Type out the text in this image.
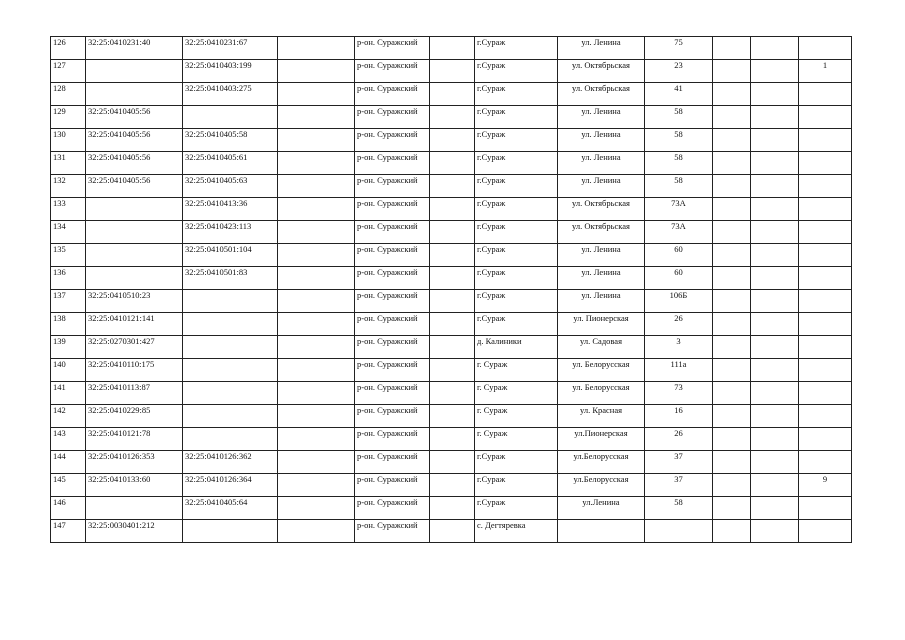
126	32:25:0410231:40	32:25:0410231:67		р-он. Суражский		г.Сураж	ул. Ленина	75			
127		32:25:0410403:199		р-он. Суражский		г.Сураж	ул. Октябрьская	23			1
128		32:25:0410403:275		р-он. Суражский		г.Сураж	ул. Октябрьская	41			
129	32:25:0410405:56			р-он. Суражский		г.Сураж	ул. Ленина	58			
130	32:25:0410405:56	32:25:0410405:58		р-он. Суражский		г.Сураж	ул. Ленина	58			
131	32:25:0410405:56	32:25:0410405:61		р-он. Суражский		г.Сураж	ул. Ленина	58			
132	32:25:0410405:56	32:25:0410405:63		р-он. Суражский		г.Сураж	ул. Ленина	58			
133		32:25:0410413:36		р-он. Суражский		г.Сураж	ул. Октябрьская	73А			
134		32:25:0410423:113		р-он. Суражский		г.Сураж	ул. Октябрьская	73А			
135		32:25:0410501:104		р-он. Суражский		г.Сураж	ул. Ленина	60			
136		32:25:0410501:83		р-он. Суражский		г.Сураж	ул. Ленина	60			
137	32:25:0410510:23			р-он. Суражский		г.Сураж	ул. Ленина	106Б			
138	32:25:0410121:141			р-он. Суражский		г.Сураж	ул. Пионерская	26			
139	32:25:0270301:427			р-он. Суражский		д. Калиники	ул. Садовая	3			
140	32:25:0410110:175			р-он. Суражский		г. Сураж	ул. Белорусская	111а			
141	32:25:0410113:87			р-он. Суражский		г. Сураж	ул. Белорусская	73			
142	32:25:0410229:85			р-он. Суражский		г. Сураж	ул. Красная	16			
143	32:25:0410121:78			р-он. Суражский		г. Сураж	ул.Пионерская	26			
144	32:25:0410126:353	32:25:0410126:362		р-он. Суражский		г.Сураж	ул.Белорусская	37			
145	32:25:0410133:60	32:25:0410126:364		р-он. Суражский		г.Сураж	ул.Белорусская	37			9
146		32:25:0410405:64		р-он. Суражский		г.Сураж	ул.Ленина	58			
147	32:25:0030401:212			р-он. Суражский		с. Дегтяревка					
